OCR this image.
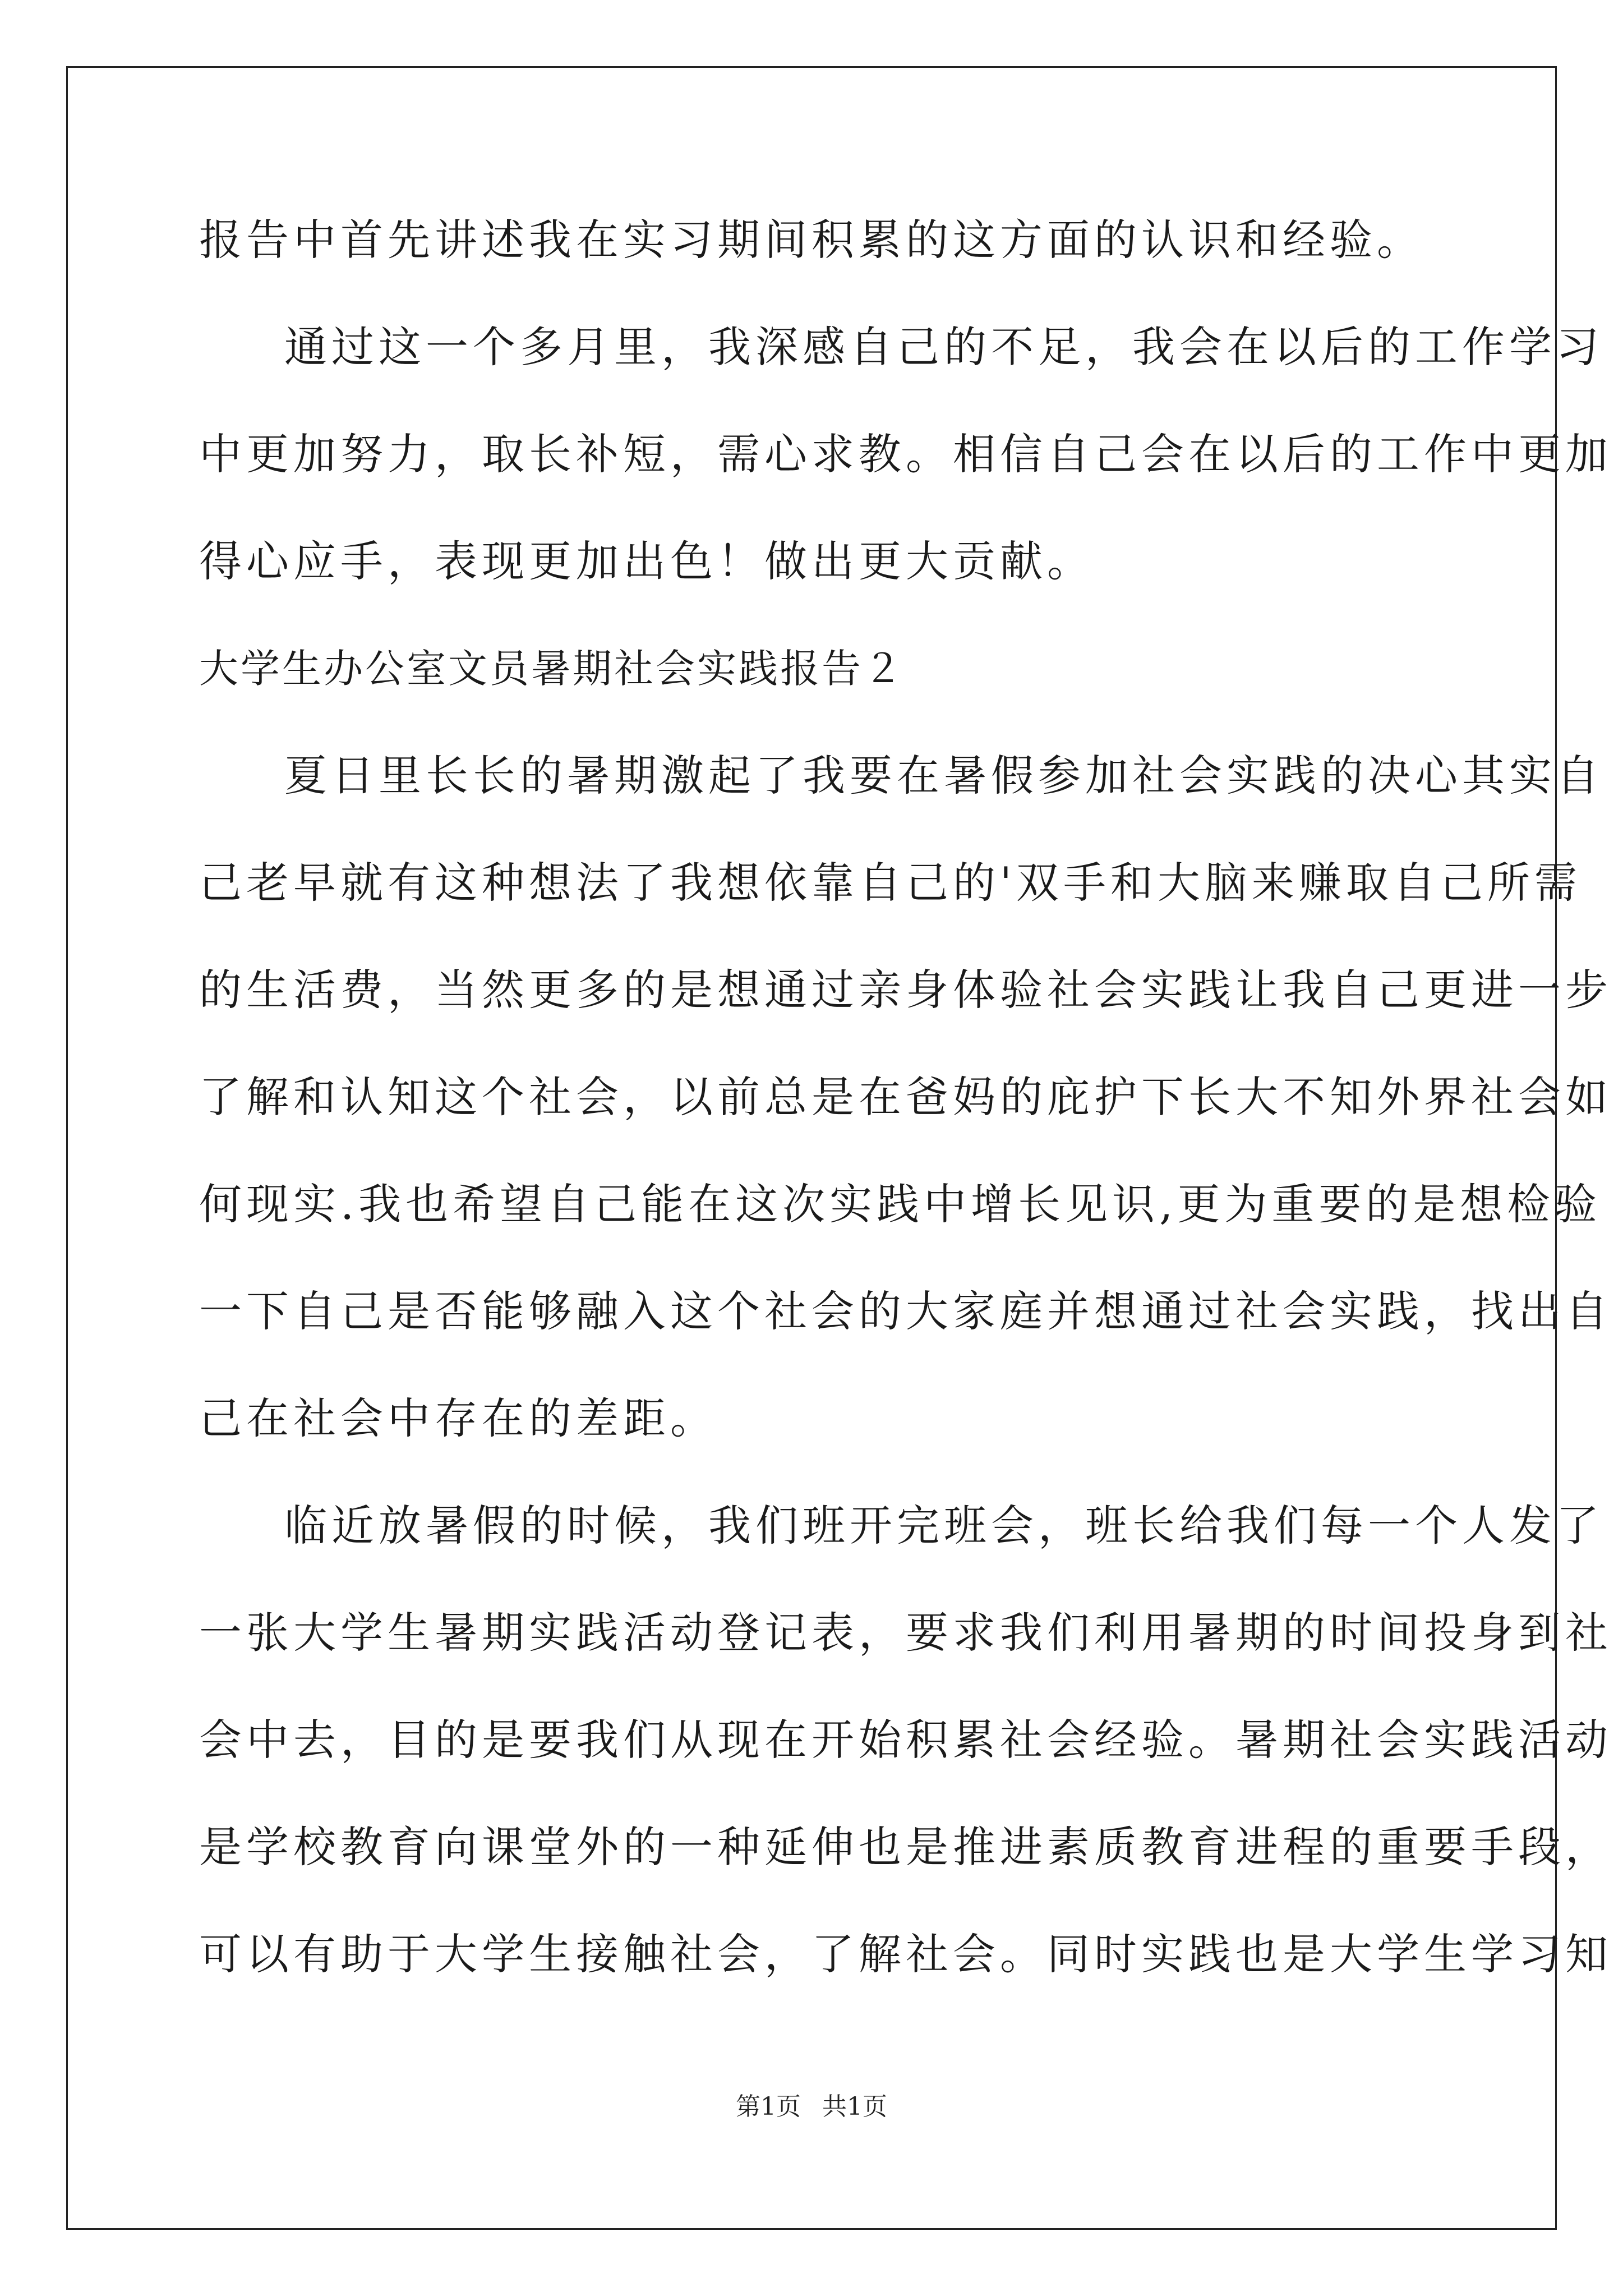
报告中首先讲述我在实习期间积累的这方面的认识和经验。
通过这一个多月里，我深感自己的不足，我会在以后的工作学习
中更加努力，取长补短，需心求教。相信自己会在以后的工作中更加
得心应手，表现更加出色！做出更大贡献。
大学生办公室文员暑期社会实践报告２
夏日里长长的暑期激起了我要在暑假参加社会实践的决心其实自
己老早就有这种想法了我想依靠自己的'双手和大脑来赚取自己所需
的生活费，当然更多的是想通过亲身体验社会实践让我自己更进一步
了解和认知这个社会，以前总是在爸妈的庇护下长大不知外界社会如
何现实.我也希望自己能在这次实践中增长见识,更为重要的是想检验
一下自己是否能够融入这个社会的大家庭并想通过社会实践，找出自
己在社会中存在的差距。
临近放暑假的时候，我们班开完班会，班长给我们每一个人发了
一张大学生暑期实践活动登记表，要求我们利用暑期的时间投身到社
会中去，目的是要我们从现在开始积累社会经验。暑期社会实践活动
是学校教育向课堂外的一种延伸也是推进素质教育进程的重要手段，
可以有助于大学生接触社会，了解社会。同时实践也是大学生学习知
第1页 共1页
